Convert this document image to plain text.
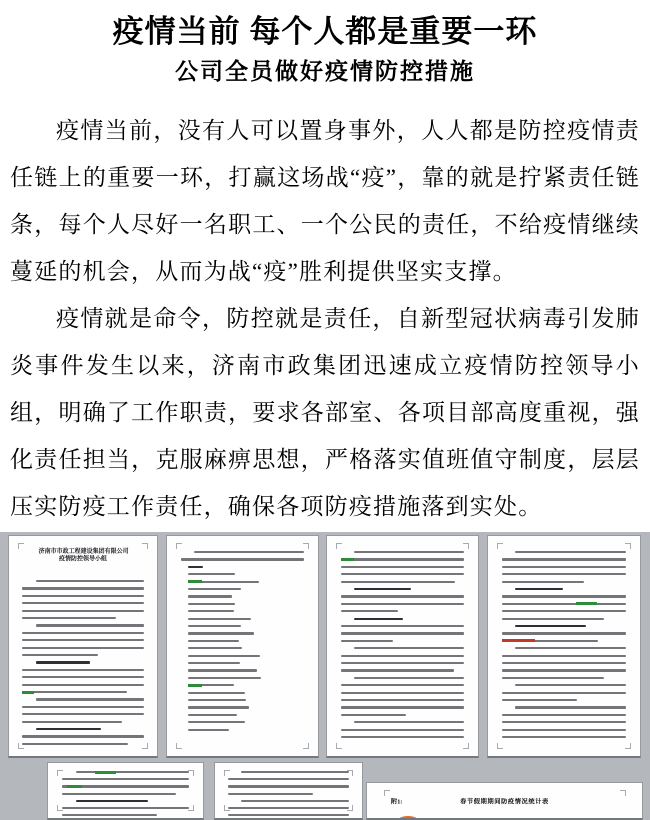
疫情当前 每个人都是重要一环
公司全员做好疫情防控措施

疫情当前，没有人可以置身事外，人人都是防控疫情责任链上的重要一环，打赢这场战“疫”，靠的就是拧紧责任链条，每个人尽好一名职工、一个公民的责任，不给疫情继续蔓延的机会，从而为战“疫”胜利提供坚实支撑。

疫情就是命令，防控就是责任，自新型冠状病毒引发肺炎事件发生以来，济南市政集团迅速成立疫情防控领导小组，明确了工作职责，要求各部室、各项目部高度重视，强化责任担当，克服麻痹思想，严格落实值班值守制度，层层压实防疫工作责任，确保各项防疫措施落到实处。

济南市市政工程建设集团有限公司
疫情防控领导小组
附1:	春节假期期间防疫情况统计表
